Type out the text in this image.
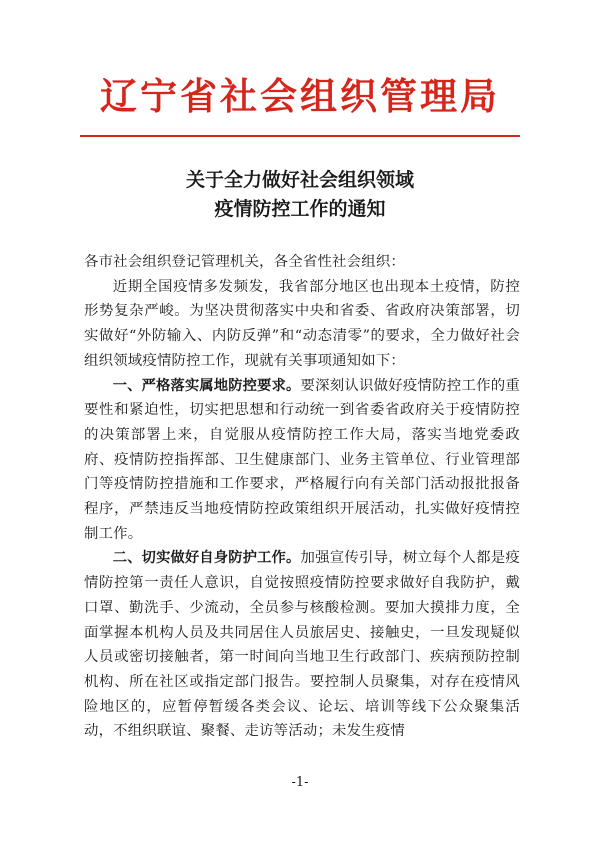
辽宁省社会组织管理局
关于全力做好社会组织领域
疫情防控工作的通知

各市社会组织登记管理机关，各全省性社会组织：

近期全国疫情多发频发，我省部分地区也出现本土疫情，防控形势复杂严峻。为坚决贯彻落实中央和省委、省政府决策部署，切实做好“外防输入、内防反弹”和“动态清零”的要求，全力做好社会组织领域疫情防控工作，现就有关事项通知如下：

一、严格落实属地防控要求。要深刻认识做好疫情防控工作的重要性和紧迫性，切实把思想和行动统一到省委省政府关于疫情防控的决策部署上来，自觉服从疫情防控工作大局，落实当地党委政府、疫情防控指挥部、卫生健康部门、业务主管单位、行业管理部门等疫情防控措施和工作要求，严格履行向有关部门活动报批报备程序，严禁违反当地疫情防控政策组织开展活动，扎实做好疫情控制工作。

二、切实做好自身防护工作。加强宣传引导，树立每个人都是疫情防控第一责任人意识，自觉按照疫情防控要求做好自我防护，戴口罩、勤洗手、少流动，全员参与核酸检测。要加大摸排力度，全面掌握本机构人员及共同居住人员旅居史、接触史，一旦发现疑似人员或密切接触者，第一时间向当地卫生行政部门、疾病预防控制机构、所在社区或指定部门报告。要控制人员聚集，对存在疫情风险地区的，应暂停暂缓各类会议、论坛、培训等线下公众聚集活动，不组织联谊、聚餐、走访等活动；未发生疫情

-1-
